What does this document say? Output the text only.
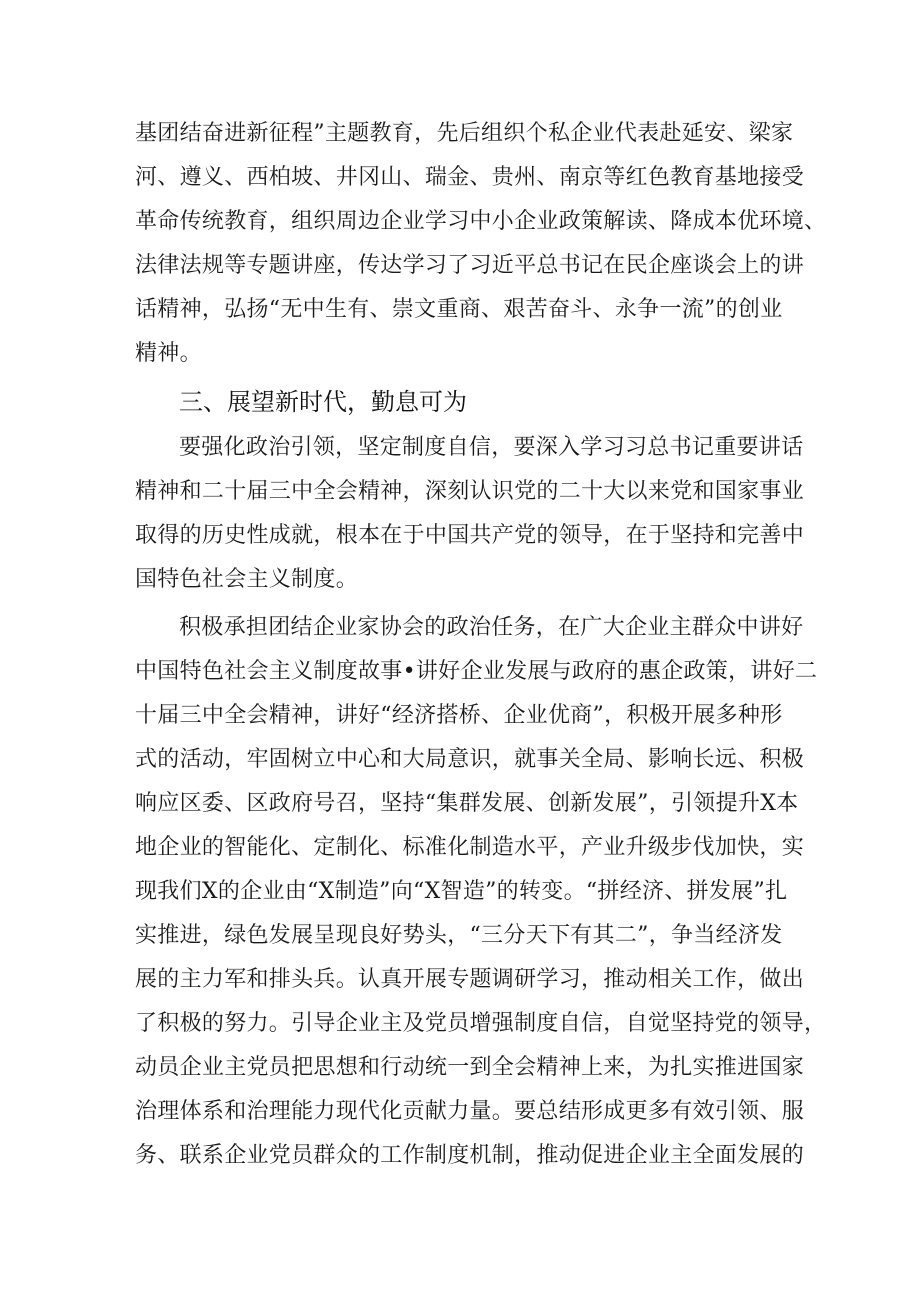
基团结奋进新征程”主题教育，先后组织个私企业代表赴延安、梁家
河、遵义、西柏坡、井冈山、瑞金、贵州、南京等红色教育基地接受
革命传统教育，组织周边企业学习中小企业政策解读、降成本优环境、
法律法规等专题讲座，传达学习了习近平总书记在民企座谈会上的讲
话精神，弘扬“无中生有、崇文重商、艰苦奋斗、永争一流”的创业
精神。
三、展望新时代，勤息可为
要强化政治引领，坚定制度自信，要深入学习习总书记重要讲话
精神和二十届三中全会精神，深刻认识党的二十大以来党和国家事业
取得的历史性成就，根本在于中国共产党的领导，在于坚持和完善中
国特色社会主义制度。
积极承担团结企业家协会的政治任务，在广大企业主群众中讲好
中国特色社会主义制度故事•讲好企业发展与政府的惠企政策，讲好二
十届三中全会精神，讲好“经济搭桥、企业优商”，积极开展多种形
式的活动，牢固树立中心和大局意识，就事关全局、影响长远、积极
响应区委、区政府号召，坚持“集群发展、创新发展”，引领提升X本
地企业的智能化、定制化、标准化制造水平，产业升级步伐加快，实
现我们X的企业由“X制造”向“X智造”的转变。“拼经济、拼发展”扎
实推进，绿色发展呈现良好势头，“三分天下有其二”，争当经济发
展的主力军和排头兵。认真开展专题调研学习，推动相关工作，做出
了积极的努力。引导企业主及党员增强制度自信，自觉坚持党的领导，
动员企业主党员把思想和行动统一到全会精神上来，为扎实推进国家
治理体系和治理能力现代化贡献力量。要总结形成更多有效引领、服
务、联系企业党员群众的工作制度机制，推动促进企业主全面发展的
